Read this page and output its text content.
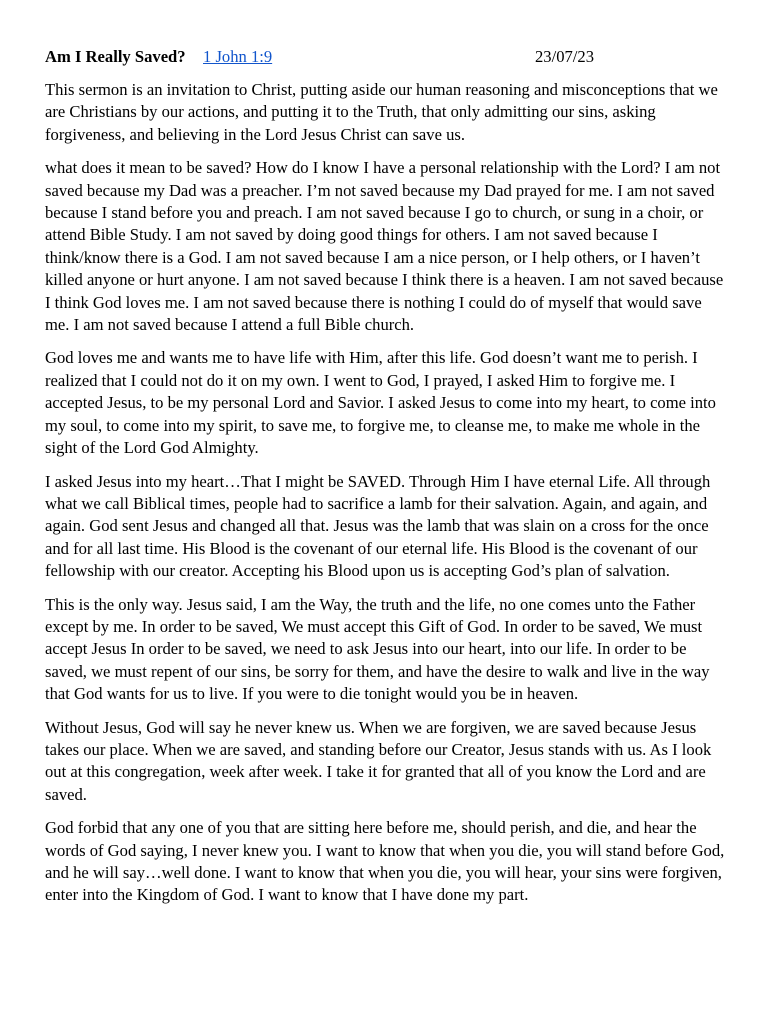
Am I Really Saved? 1 John 1:9	23/07/23

This sermon is an invitation to Christ, putting aside our human reasoning and misconceptions that we are Christians by our actions, and putting it to the Truth, that only admitting our sins, asking forgiveness, and believing in the Lord Jesus Christ can save us.

what does it mean to be saved? How do I know I have a personal relationship with the Lord? I am not saved because my Dad was a preacher. I’m not saved because my Dad prayed for me. I am not saved because I stand before you and preach. I am not saved because I go to church, or sung in a choir, or attend Bible Study. I am not saved by doing good things for others. I am not saved because I think/know there is a God. I am not saved because I am a nice person, or I help others, or I haven’t killed anyone or hurt anyone. I am not saved because I think there is a heaven. I am not saved because I think God loves me. I am not saved because there is nothing I could do of myself that would save me. I am not saved because I attend a full Bible church.

God loves me and wants me to have life with Him, after this life. God doesn’t want me to perish. I realized that I could not do it on my own. I went to God, I prayed, I asked Him to forgive me. I accepted Jesus, to be my personal Lord and Savior. I asked Jesus to come into my heart, to come into my soul, to come into my spirit, to save me, to forgive me, to cleanse me, to make me whole in the sight of the Lord God Almighty.

I asked Jesus into my heart…That I might be SAVED. Through Him I have eternal Life. All through what we call Biblical times, people had to sacrifice a lamb for their salvation. Again, and again, and again. God sent Jesus and changed all that. Jesus was the lamb that was slain on a cross for the once and for all last time. His Blood is the covenant of our eternal life. His Blood is the covenant of our fellowship with our creator. Accepting his Blood upon us is accepting God’s plan of salvation.

This is the only way. Jesus said, I am the Way, the truth and the life, no one comes unto the Father except by me. In order to be saved, We must accept this Gift of God. In order to be saved, We must accept Jesus In order to be saved, we need to ask Jesus into our heart, into our life. In order to be saved, we must repent of our sins, be sorry for them, and have the desire to walk and live in the way that God wants for us to live. If you were to die tonight would you be in heaven.

Without Jesus, God will say he never knew us. When we are forgiven, we are saved because Jesus takes our place. When we are saved, and standing before our Creator, Jesus stands with us. As I look out at this congregation, week after week. I take it for granted that all of you know the Lord and are saved.

God forbid that any one of you that are sitting here before me, should perish, and die, and hear the words of God saying, I never knew you. I want to know that when you die, you will stand before God, and he will say…well done. I want to know that when you die, you will hear, your sins were forgiven, enter into the Kingdom of God. I want to know that I have done my part.
